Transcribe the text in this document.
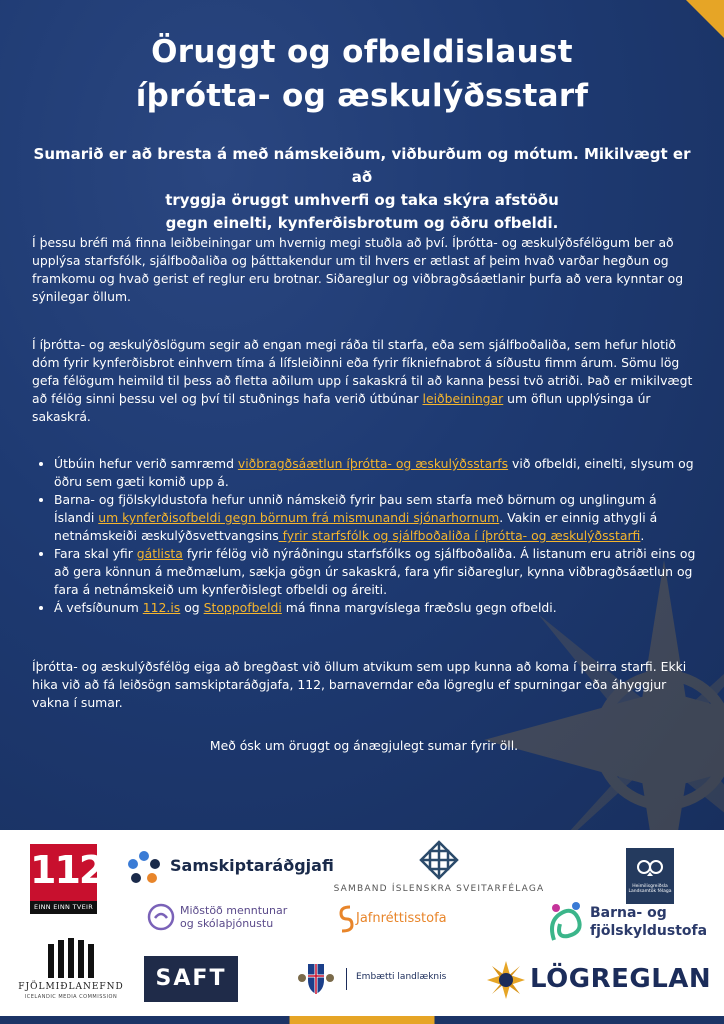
Öruggt og ofbeldislaust
íþrótta- og æskulýðsstarf
Sumarið er að bresta á með námskeiðum, viðburðum og mótum. Mikilvægt er að
tryggja öruggt umhverfi og taka skýra afstöðu
gegn einelti, kynferðisbrotum og öðru ofbeldi.

Í þessu bréfi má finna leiðbeiningar um hvernig megi stuðla að því. Íþrótta- og æskulýðsfélögum ber að upplýsa starfsfólk, sjálfboðaliða og þátttakendur um til hvers er ætlast af þeim hvað varðar hegðun og framkomu og hvað gerist ef reglur eru brotnar. Siðareglur og viðbragðsáætlanir þurfa að vera kynntar og sýnilegar öllum.

Í íþrótta- og æskulýðslögum segir að engan megi ráða til starfa, eða sem sjálfboðaliða, sem hefur hlotið dóm fyrir kynferðisbrot einhvern tíma á lífsleiðinni eða fyrir fíkniefnabrot á síðustu fimm árum. Sömu lög gefa félögum heimild til þess að fletta aðilum upp í sakaskrá til að kanna þessi tvö atriði. Það er mikilvægt að félög sinni þessu vel og því til stuðnings hafa verið útbúnar leiðbeiningar um öflun upplýsinga úr sakaskrá.

• Útbúin hefur verið samræmd viðbragðsáætlun íþrótta- og æskulýðsstarfs við ofbeldi, einelti, slysum og öðru sem gæti komið upp á.
• Barna- og fjölskyldustofa hefur unnið námskeið fyrir þau sem starfa með börnum og unglingum á Íslandi um kynferðisofbeldi gegn börnum frá mismunandi sjónarhornum. Vakin er einnig athygli á netnámskeiði æskulýðsvettvangsins fyrir starfsfólk og sjálfboðaliða í íþrótta- og æskulýðsstarfi.
• Fara skal yfir gátlista fyrir félög við nýráðningu starfsfólks og sjálfboðaliða. Á listanum eru atriði eins og að gera könnun á meðmælum, sækja gögn úr sakaskrá, fara yfir siðareglur, kynna viðbragðsáætlun og fara á netnámskeið um kynferðislegt ofbeldi og áreiti.
• Á vefsíðunum 112.is og Stoppofbeldi má finna margvíslega fræðslu gegn ofbeldi.

Íþrótta- og æskulýðsfélög eiga að bregðast við öllum atvikum sem upp kunna að koma í þeirra starfi. Ekki hika við að fá leiðsögn samskiptaráðgjafa, 112, barnaverndar eða lögreglu ef spurningar eða áhyggjur vakna í sumar.

Með ósk um öruggt og ánægjulegt sumar fyrir öll.

112
EINN EINN TVEIR
Samskiptaráðgjafi
SAMBAND ÍSLENSKRA SVEITARFÉLAGA	Heimilisgreiðsla Landsamtök félaga
Miðstöð menntunar
og skólaþjónustu	Jafnréttisstofa	Barna- og
fjölskyldustofa
FJÖLMIÐLANEFND
ICELANDIC MEDIA COMMISSION
SAFT	Embætti landlæknis	LÖGREGLAN
